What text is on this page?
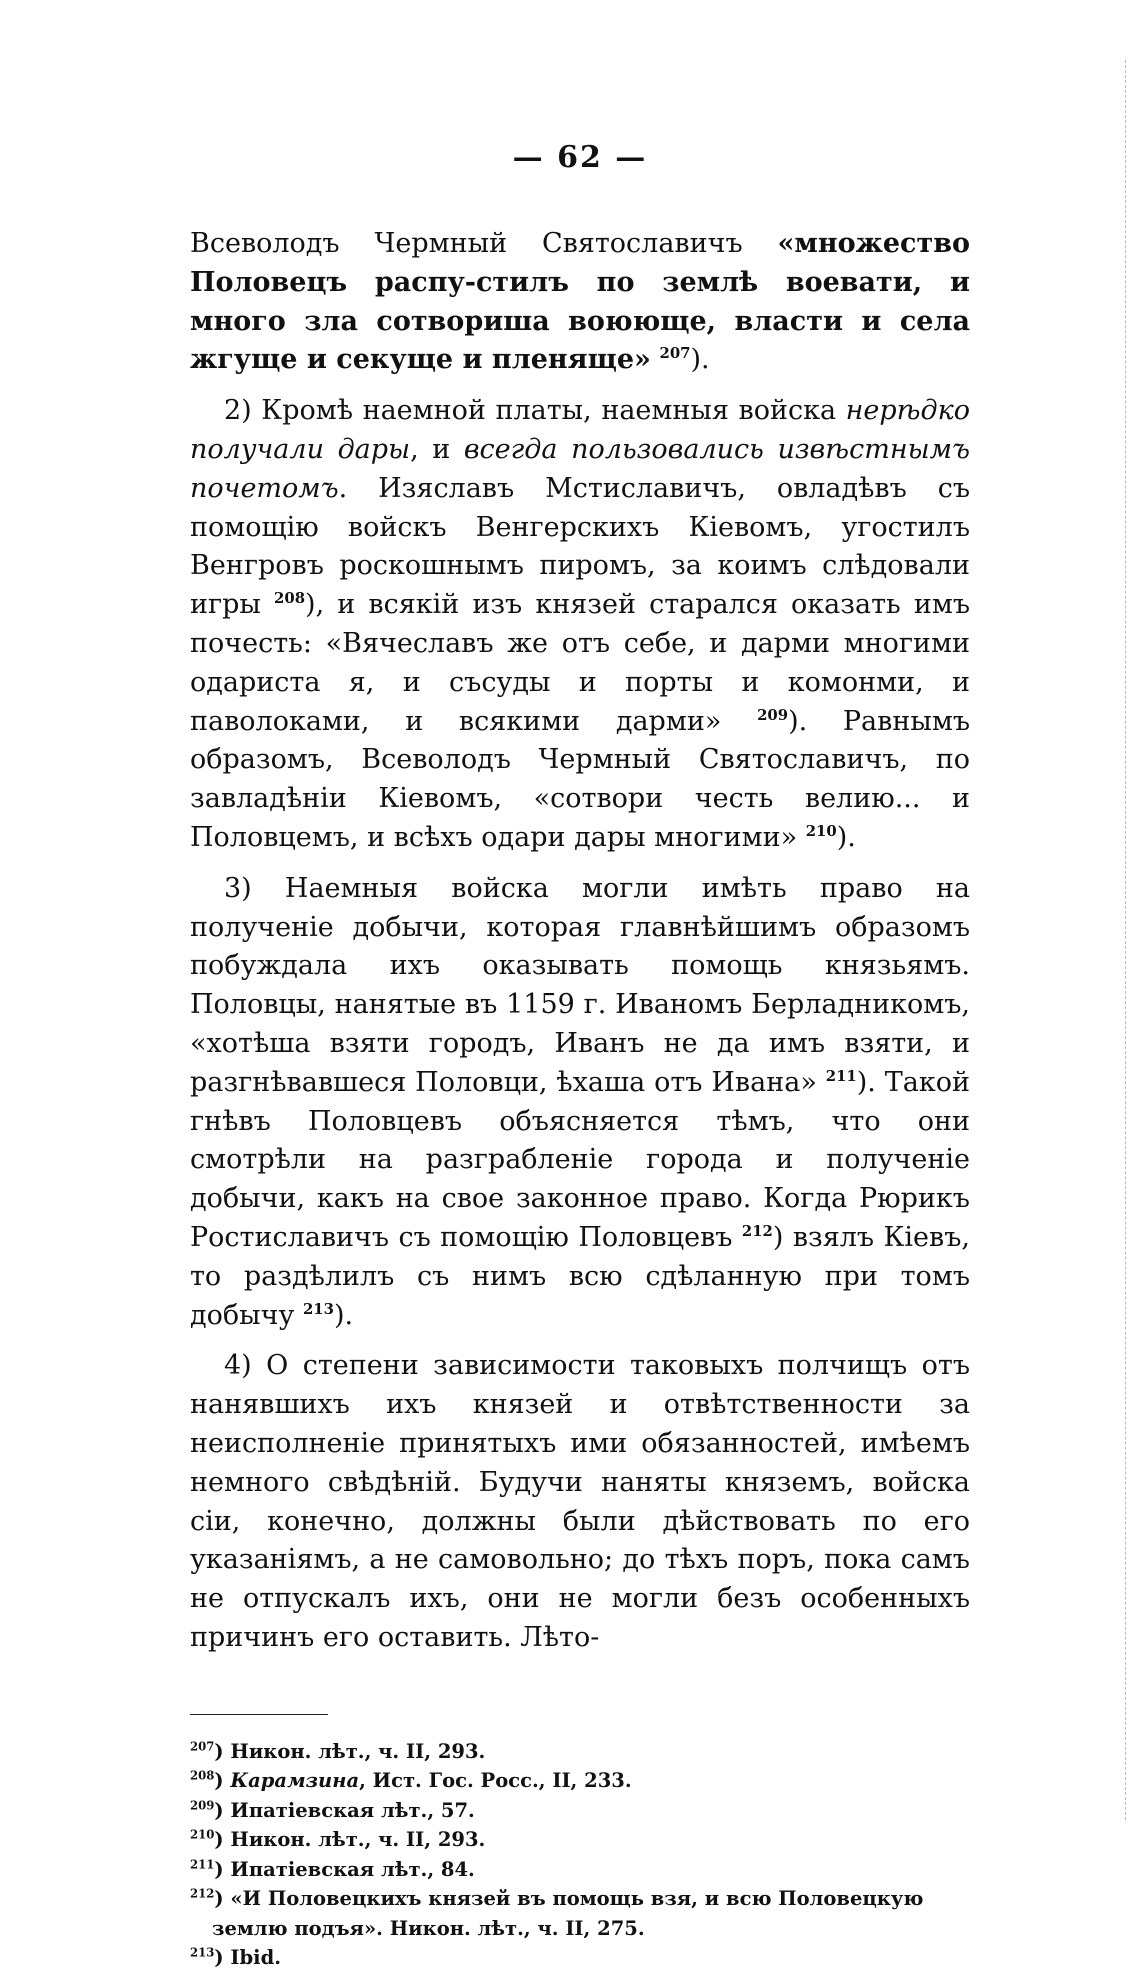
— 62 —

Всеволодъ Чермный Святославичъ «множество Половецъ распу-стилъ по землѣ воевати, и много зла сотвориша воююще, власти и села жгуще и секуще и пленяще» $^{207}$).

2) Кромѣ наемной платы, наемныя войска нерѣдко получали дары, и всегда пользовались извѣстнымъ почетомъ. Изяславъ Мстиславичъ, овладѣвъ съ помощію войскъ Венгерскихъ Кіевомъ, угостилъ Венгровъ роскошнымъ пиромъ, за коимъ слѣдовали игры $^{208}$), и всякій изъ князей старался оказать имъ почесть: «Вячеславъ же отъ себе, и дарми многими одариста я, и съсуды и порты и комонми, и паволоками, и всякими дарми» $^{209}$). Равнымъ образомъ, Всеволодъ Чермный Святославичъ, по завладѣніи Кіевомъ, «сотвори честь велию... и Половцемъ, и всѣхъ одари дары многими» $^{210}$).

3) Наемныя войска могли имѣть право на полученіе добычи, которая главнѣйшимъ образомъ побуждала ихъ оказывать помощь князьямъ. Половцы, нанятые въ 1159 г. Иваномъ Берладникомъ, «хотѣша взяти городъ, Иванъ не да имъ взяти, и разгнѣвавшеся Половци, ѣхаша отъ Ивана» $^{211}$). Такой гнѣвъ Половцевъ объясняется тѣмъ, что они смотрѣли на разграбленіе города и полученіе добычи, какъ на свое законное право. Когда Рюрикъ Ростиславичъ съ помощію Половцевъ $^{212}$) взялъ Кіевъ, то раздѣлилъ съ нимъ всю сдѣланную при томъ добычу $^{213}$).

4) О степени зависимости таковыхъ полчищъ отъ нанявшихъ ихъ князей и отвѣтственности за неисполненіе принятыхъ ими обязанностей, имѣемъ немного свѣдѣній. Будучи наняты княземъ, войска сіи, конечно, должны были дѣйствовать по его указаніямъ, а не самовольно; до тѣхъ поръ, пока самъ не отпускалъ ихъ, они не могли безъ особенныхъ причинъ его оставить. Лѣто-

$^{207}$) Никон. лѣт., ч. II, 293.
$^{208}$) Карамзина, Ист. Гос. Росс., II, 233.
$^{209}$) Ипатіевская лѣт., 57.
$^{210}$) Никон. лѣт., ч. II, 293.
$^{211}$) Ипатіевская лѣт., 84.
$^{212}$) «И Половецкихъ князей въ помощь взя, и всю Половецкую землю подъя». Никон. лѣт., ч. II, 275.
$^{213}$) Ibid.
